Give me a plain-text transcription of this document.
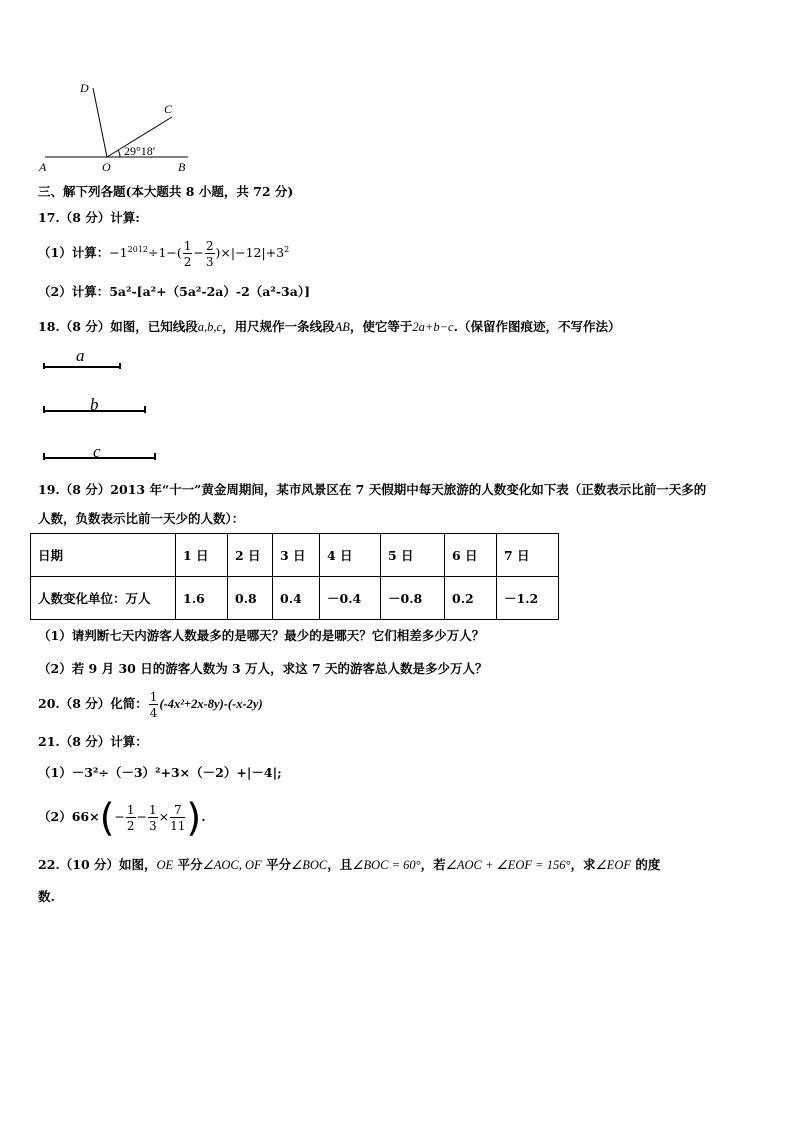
D
C
A	O	B
29°18′
三、解下列各题(本大题共 8 小题，共 72 分)
17.（8 分）计算:
（1）计算：$-1^{2012}\div 1-( \frac{1}{2} - \frac{2}{3} )\times|-12|+3^2$
（2）计算：5a²-[a²+（5a²-2a）-2（a²-3a）]
18.（8 分）如图，已知线段a,b,c，用尺规作一条线段AB，使它等于2a+b−c.（保留作图痕迹，不写作法）
a
b
c
19.（8 分）2013 年“十一”黄金周期间，某市风景区在 7 天假期中每天旅游的人数变化如下表（正数表示比前一天多的
人数，负数表示比前一天少的人数）：
日期	1 日	2 日	3 日	4 日	5 日	6 日	7 日
人数变化单位：万人	1.6	0.8	0.4	－0.4	－0.8	0.2	－1.2
（1）请判断七天内游客人数最多的是哪天？最少的是哪天？它们相差多少万人？
（2）若 9 月 30 日的游客人数为 3 万人，求这 7 天的游客总人数是多少万人？
20.（8 分）化简： $\frac{1}{4} (-4x^2+2x-8y)-(-x-2y)$
21.（8 分）计算：
（1）－3²÷（－3）²+3×（－2）+|－4|;
$(2)66\times(- \frac{1}{2} - \frac{1}{3} \times \frac{7}{11}$ ).
22.（10 分）如图，OE 平分∠AOC, OF 平分∠BOC，且∠BOC = 60°，若∠AOC + ∠EOF = 156°，求∠EOF 的度
数.
